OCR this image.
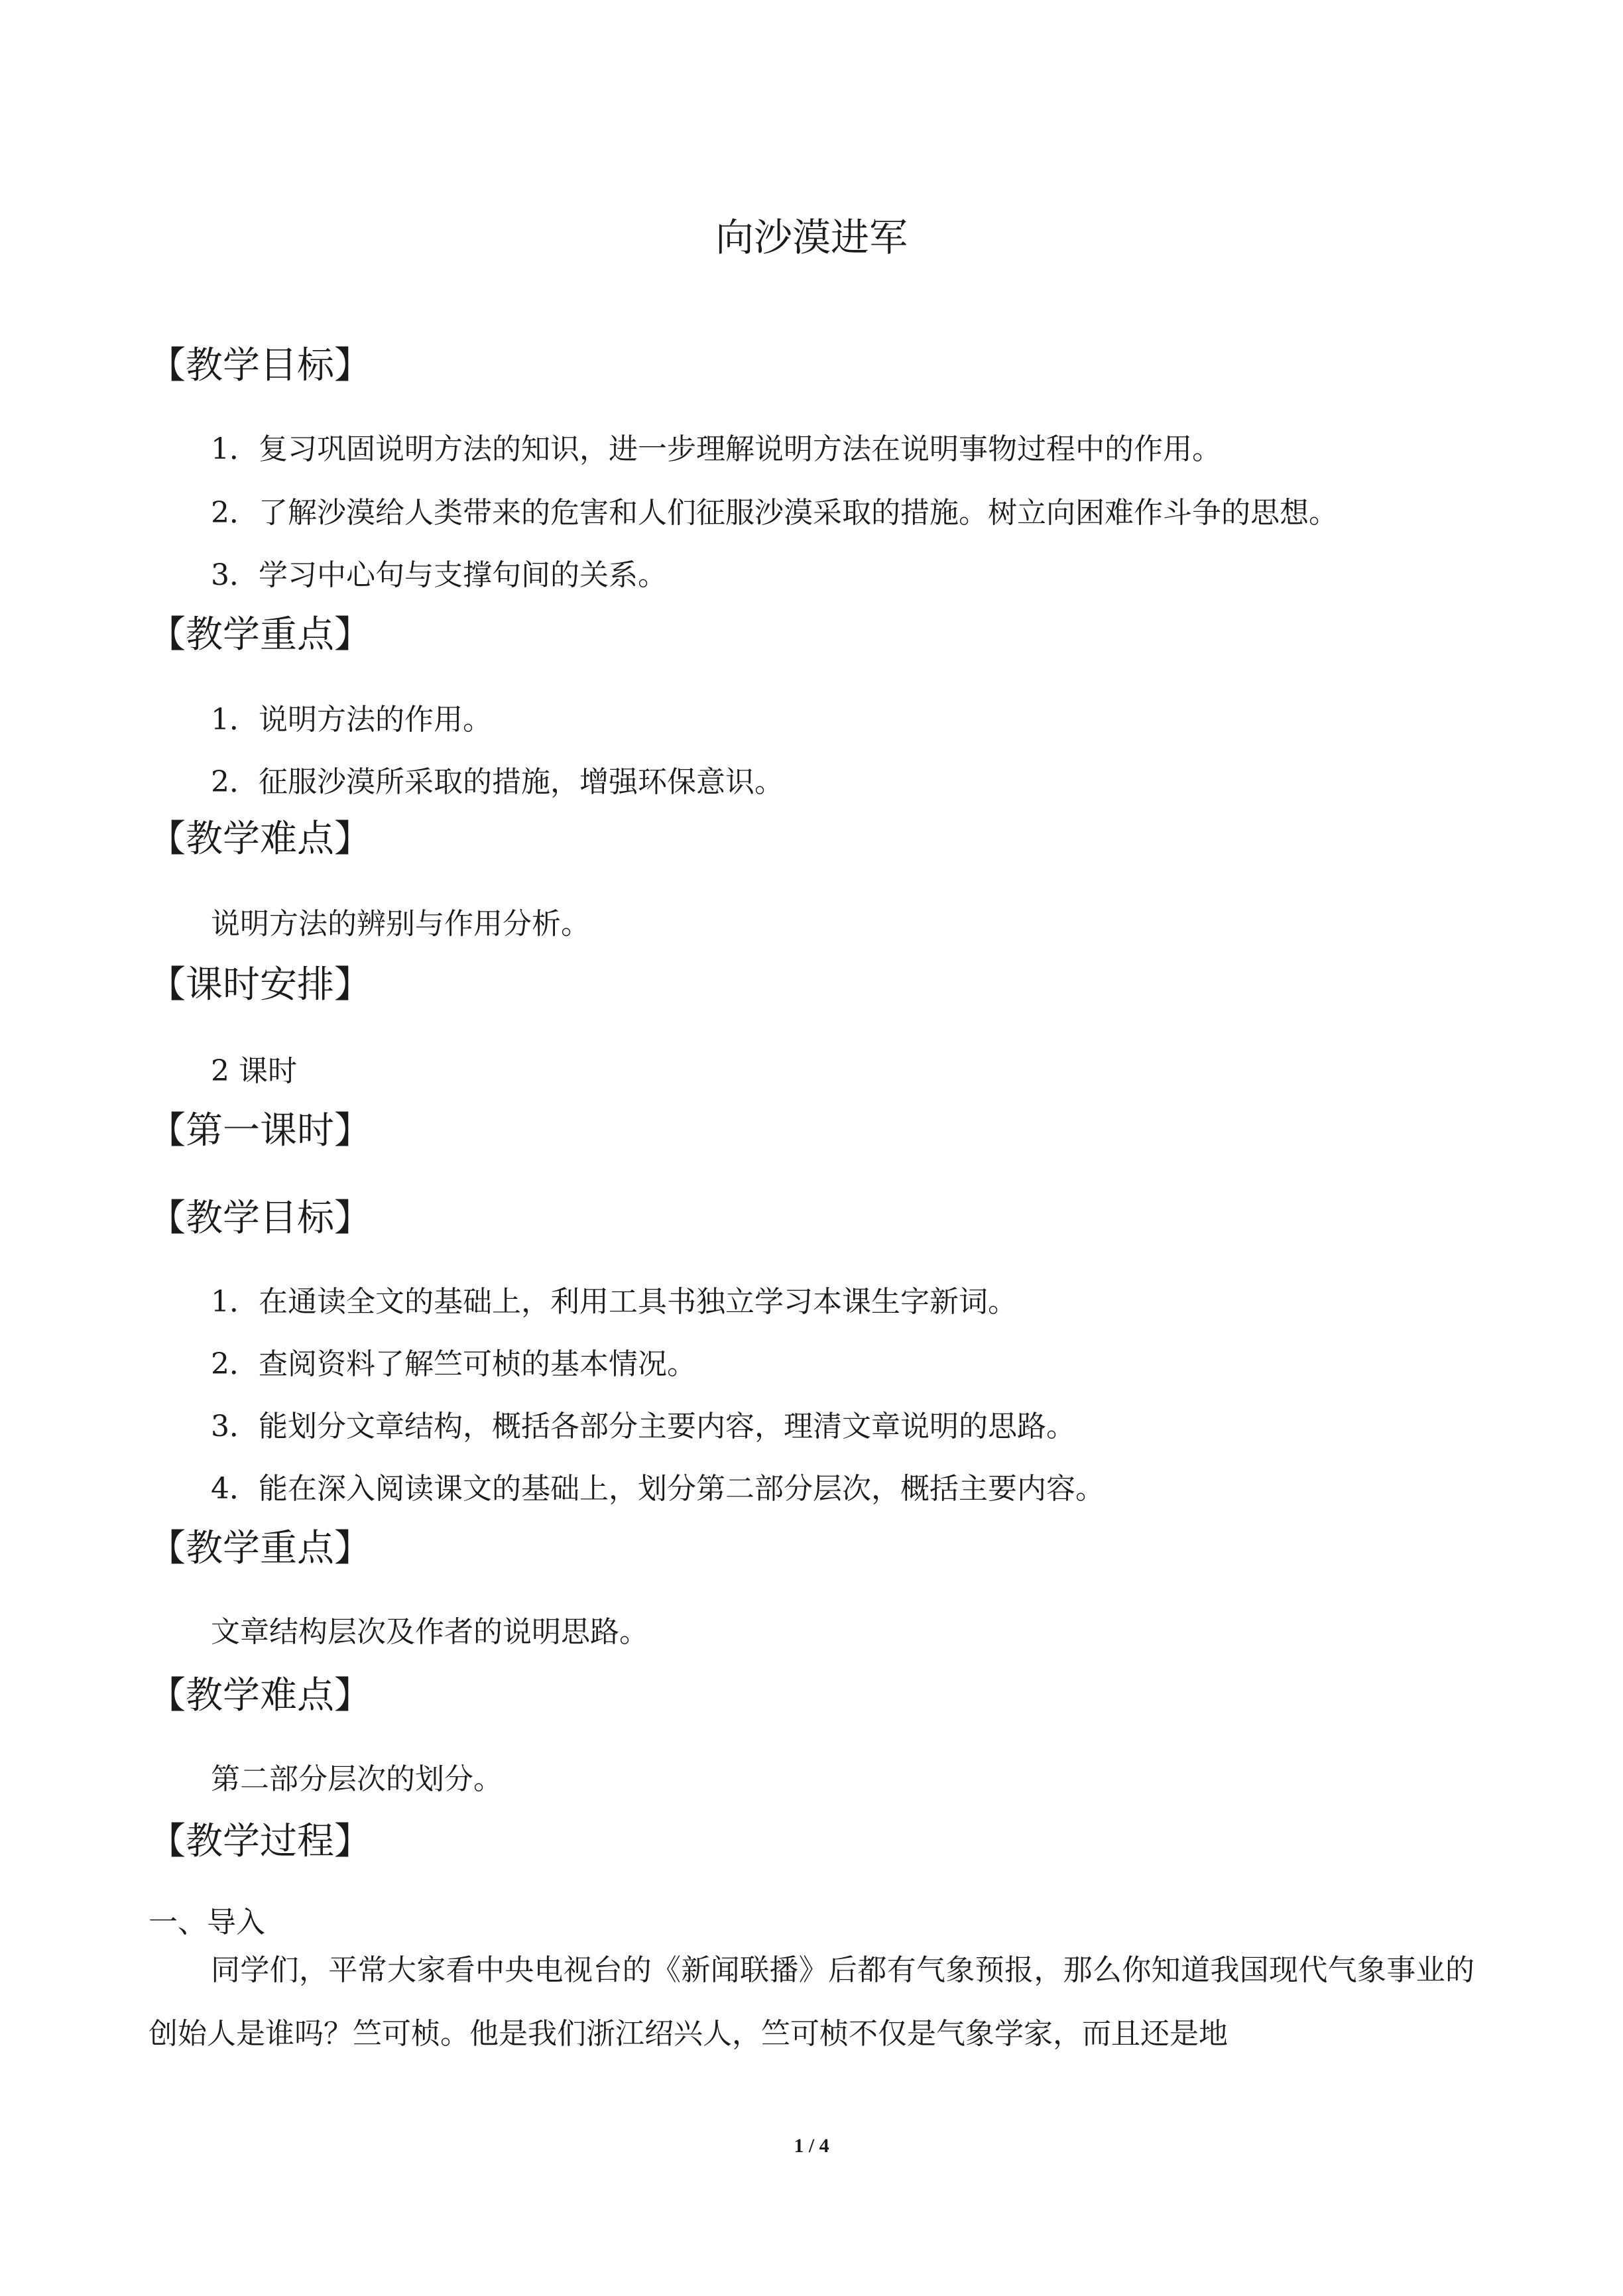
向沙漠进军
【教学目标】
1．复习巩固说明方法的知识，进一步理解说明方法在说明事物过程中的作用。
2．了解沙漠给人类带来的危害和人们征服沙漠采取的措施。树立向困难作斗争的思想。
3．学习中心句与支撑句间的关系。
【教学重点】
1．说明方法的作用。
2．征服沙漠所采取的措施，增强环保意识。
【教学难点】
说明方法的辨别与作用分析。
【课时安排】
2 课时
【第一课时】
【教学目标】
1．在通读全文的基础上，利用工具书独立学习本课生字新词。
2．查阅资料了解竺可桢的基本情况。
3．能划分文章结构，概括各部分主要内容，理清文章说明的思路。
4．能在深入阅读课文的基础上，划分第二部分层次，概括主要内容。
【教学重点】
文章结构层次及作者的说明思路。
【教学难点】
第二部分层次的划分。
【教学过程】
一、导入
同学们，平常大家看中央电视台的《新闻联播》后都有气象预报，那么你知道我国现代气象事业的创始人是谁吗？竺可桢。他是我们浙江绍兴人，竺可桢不仅是气象学家，而且还是地
1 / 4
